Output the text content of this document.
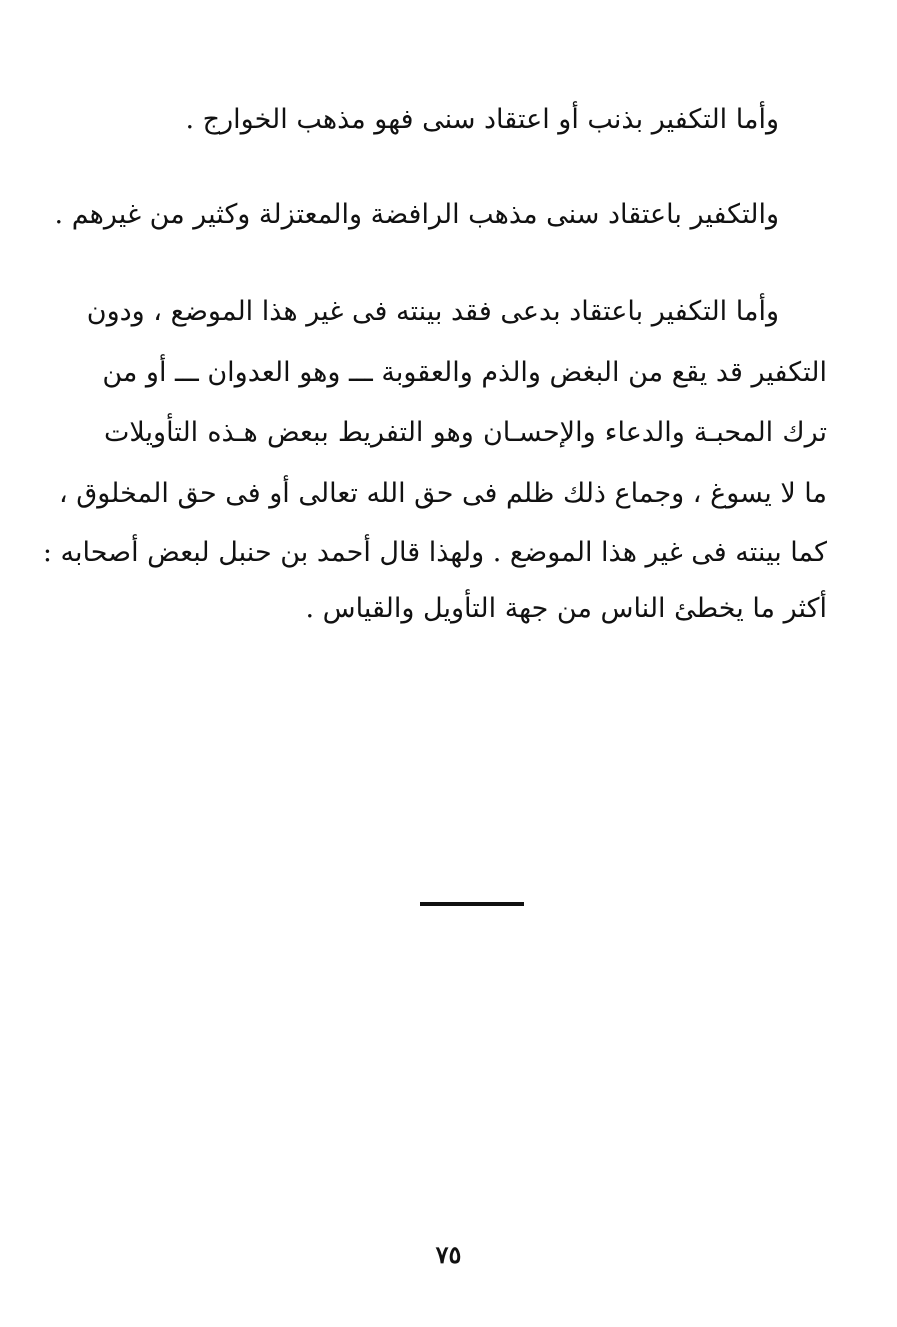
وأما التكفير بذنب أو اعتقاد سنى فهو مذهب الخوارج .
والتكفير باعتقاد سنى مذهب الرافضة والمعتزلة وكثير من غيرهم .
وأما التكفير باعتقاد بدعى فقد بينته فى غير هذا الموضع ، ودون
التكفير قد يقع من البغض والذم والعقوبة ـــ وهو العدوان ـــ أو من
ترك المحبـة والدعاء والإحسـان وهو التفريط ببعض هـذه التأويلات
ما لا يسوغ ، وجماع ذلك ظلم فى حق الله تعالى أو فى حق المخلوق ،
كما بينته فى غير هذا الموضع . ولهذا قال أحمد بن حنبل لبعض أصحابه :
أكثر ما يخطئ الناس من جهة التأويل والقياس .
٧٥
